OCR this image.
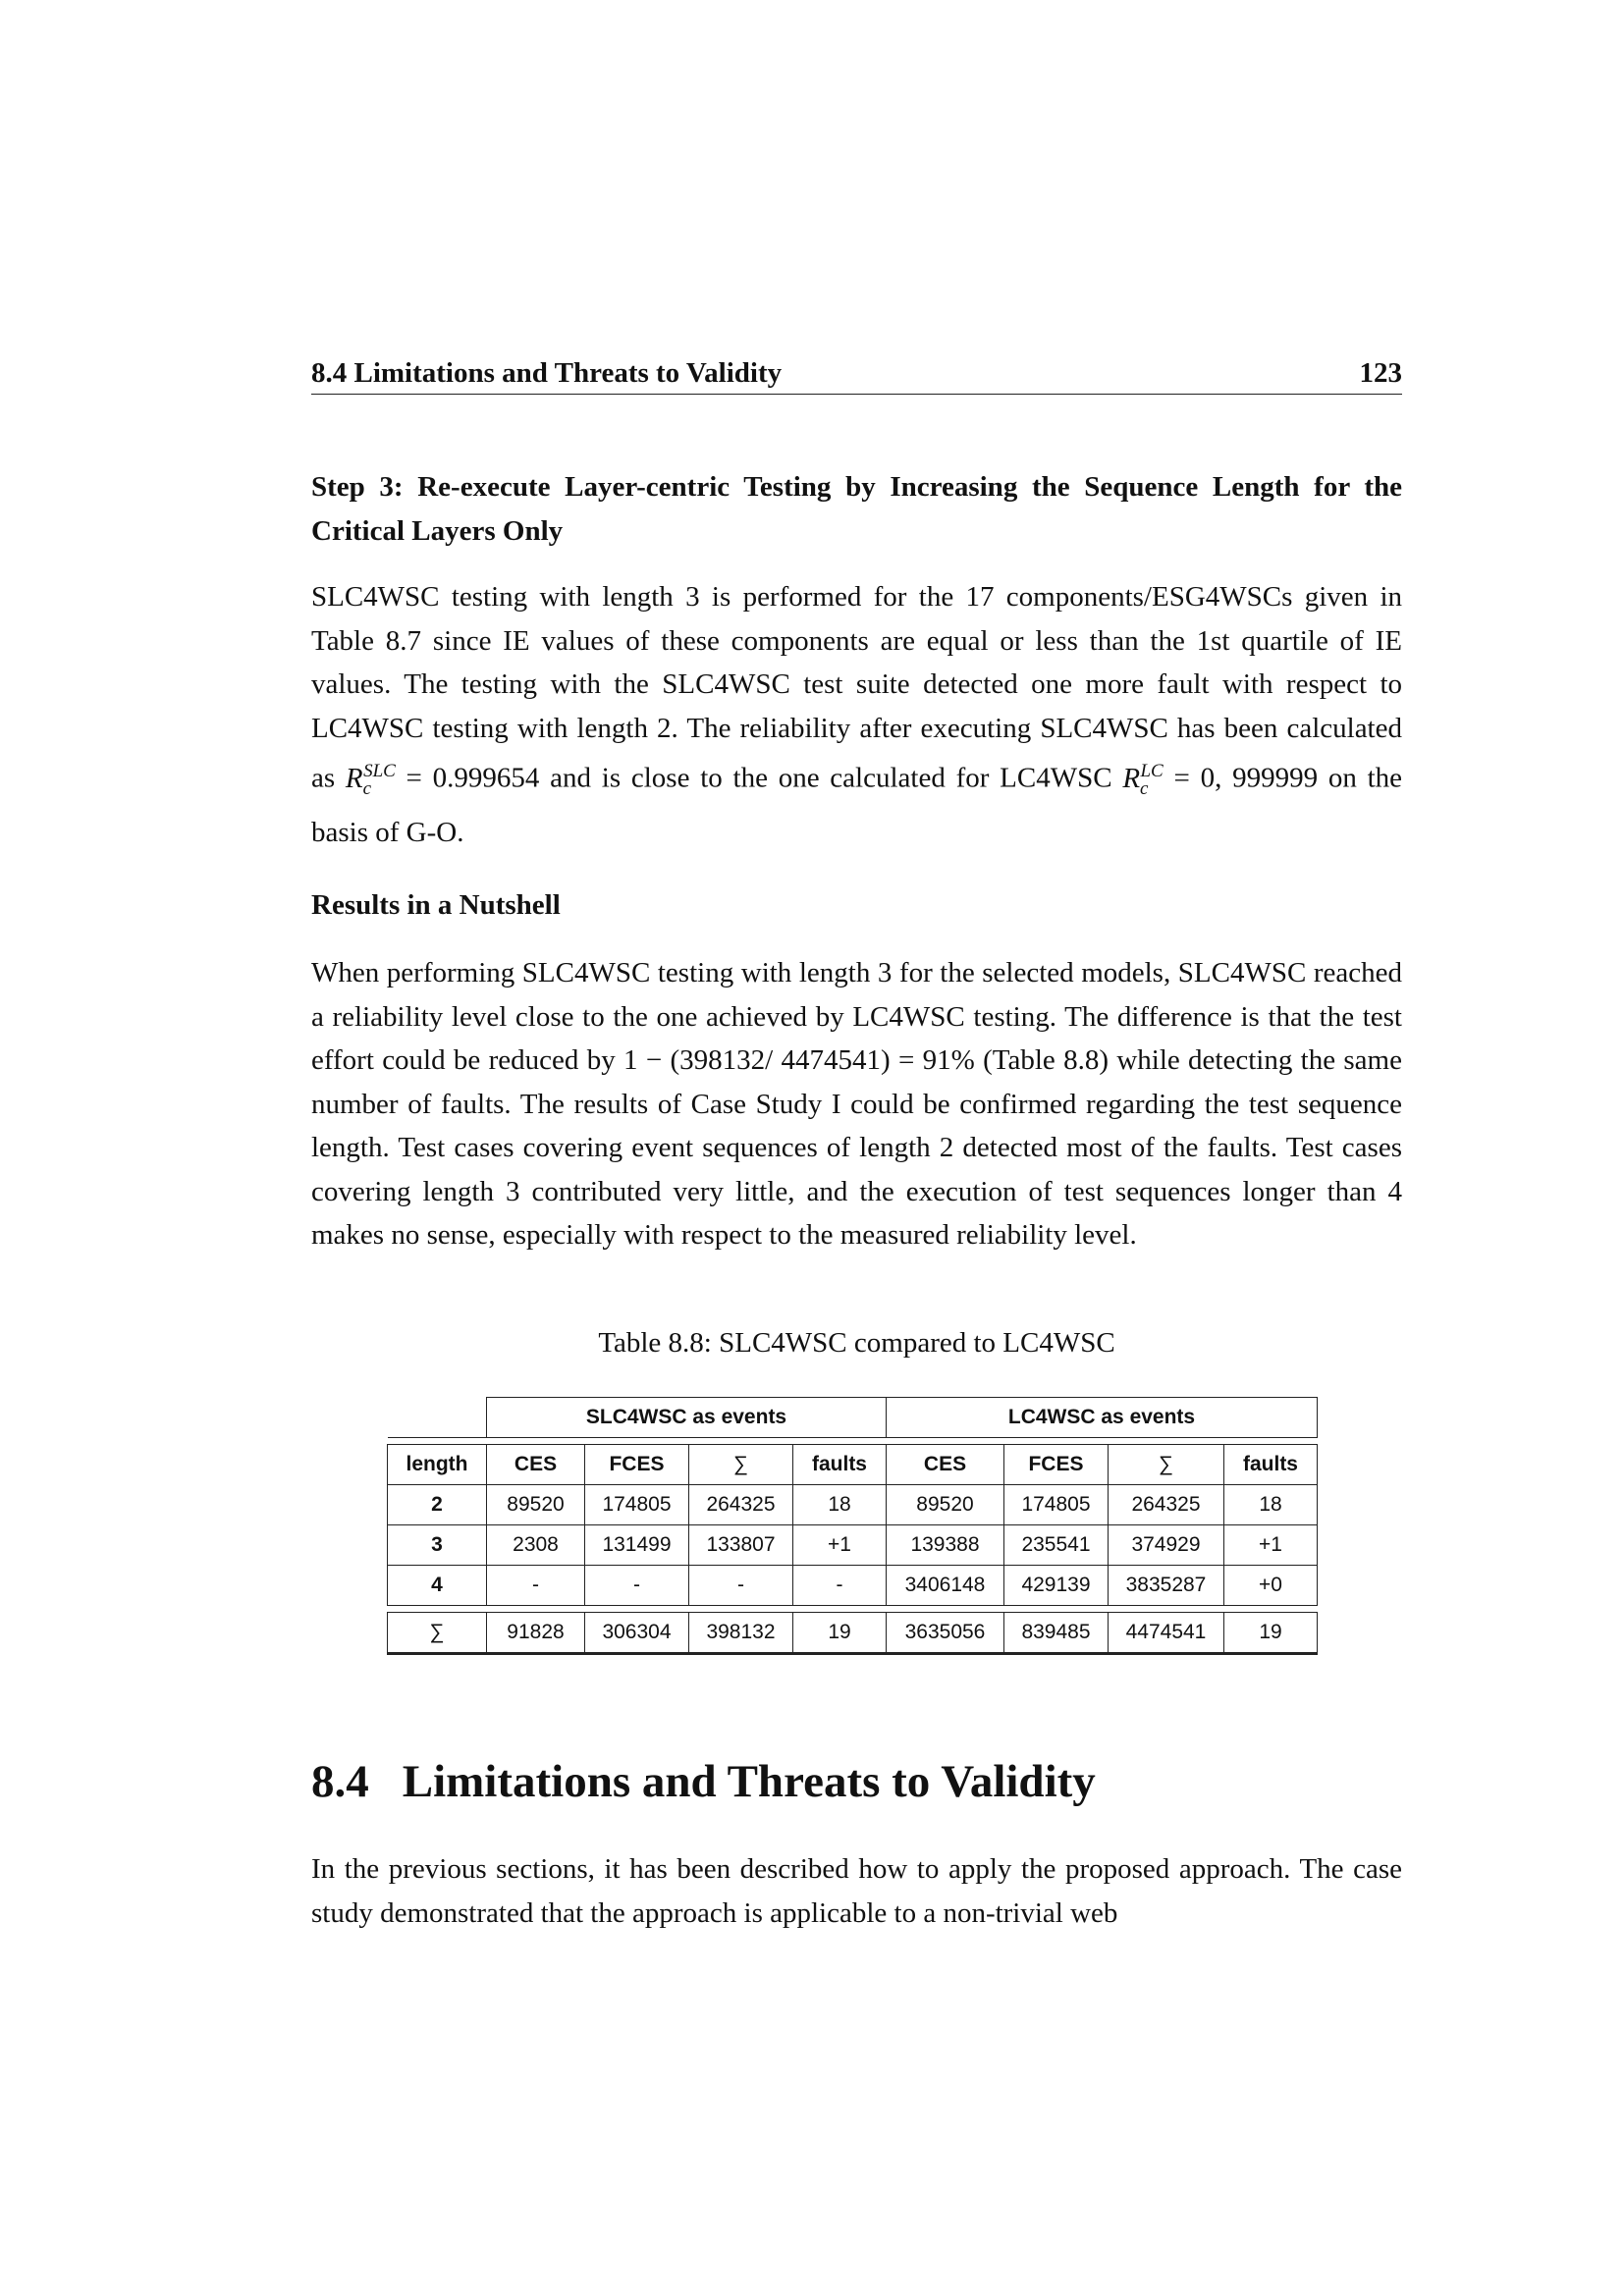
8.4 Limitations and Threats to Validity	123
Step 3: Re-execute Layer-centric Testing by Increasing the Sequence Length for the Critical Layers Only
SLC4WSC testing with length 3 is performed for the 17 components/ESG4WSCs given in Table 8.7 since IE values of these components are equal or less than the 1st quartile of IE values. The testing with the SLC4WSC test suite detected one more fault with respect to LC4WSC testing with length 2. The reliability after executing SLC4WSC has been calculated as $R_c^{SLC} = 0.999654$ and is close to the one calculated for LC4WSC $R_c^{LC} = 0$, 999999 on the basis of G-O.
Results in a Nutshell
When performing SLC4WSC testing with length 3 for the selected models, SLC4WSC reached a reliability level close to the one achieved by LC4WSC testing. The difference is that the test effort could be reduced by 1 − (398132/ 4474541) = 91% (Table 8.8) while detecting the same number of faults. The results of Case Study I could be confirmed regarding the test sequence length. Test cases covering event sequences of length 2 detected most of the faults. Test cases covering length 3 contributed very little, and the execution of test sequences longer than 4 makes no sense, especially with respect to the measured reliability level.
Table 8.8: SLC4WSC compared to LC4WSC
	SLC4WSC as events				LC4WSC as events			

length	CES	FCES	∑	faults	CES	FCES	∑	faults
2	89520	174805	264325	18	89520	174805	264325	18
3	2308	131499	133807	+1	139388	235541	374929	+1
4	-	-	-	-	3406148	429139	3835287	+0

∑	91828	306304	398132	19	3635056	839485	4474541	19
8.4 Limitations and Threats to Validity
In the previous sections, it has been described how to apply the proposed approach. The case study demonstrated that the approach is applicable to a non-trivial web
